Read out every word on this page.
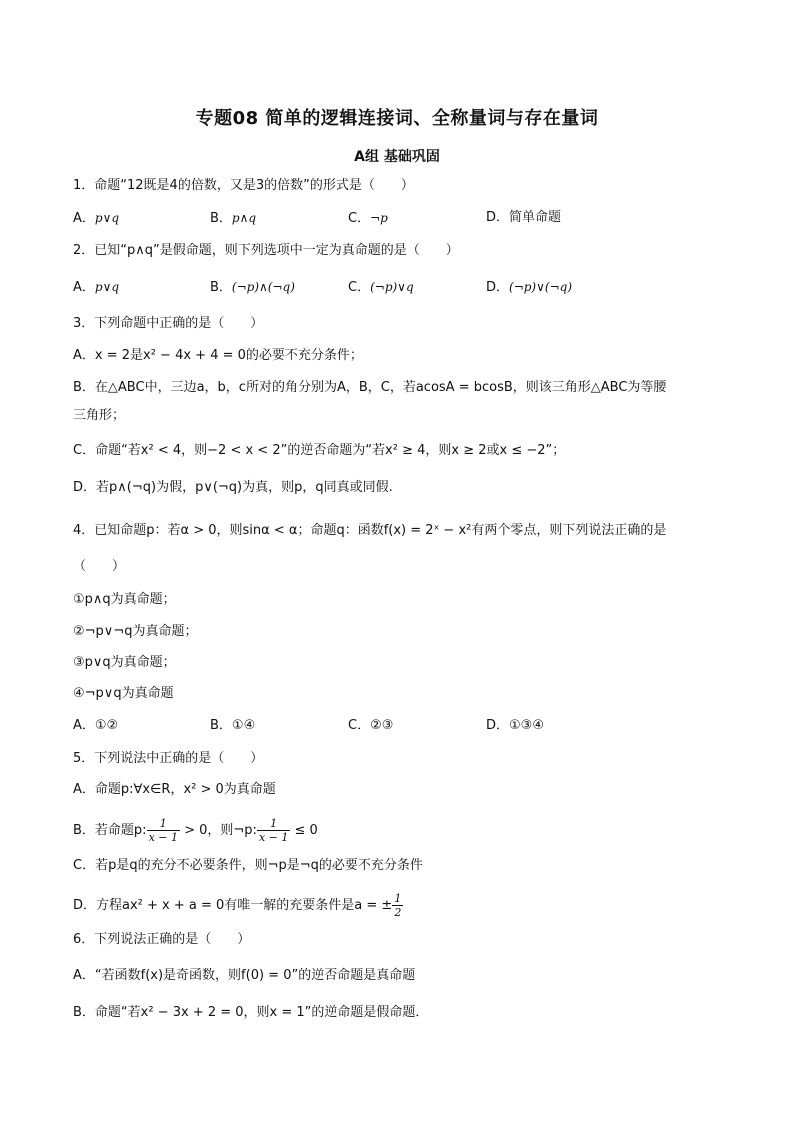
专题08 简单的逻辑连接词、全称量词与存在量词
A组 基础巩固
1．命题“12既是4的倍数，又是3的倍数”的形式是（　　）
A．p∨q	B．p∧q	C．¬p	D．简单命题
2．已知“p∧q”是假命题，则下列选项中一定为真命题的是（　　）
A．p∨q	B．(¬p)∧(¬q)	C．(¬p)∨q	D．(¬p)∨(¬q)
3．下列命题中正确的是（　　）
A．x = 2是x² − 4x + 4 = 0的必要不充分条件；
B．在△ABC中，三边a，b，c所对的角分别为A，B，C，若acosA = bcosB，则该三角形△ABC为等腰
三角形；
C．命题“若x² < 4，则−2 < x < 2”的逆否命题为“若x² ≥ 4，则x ≥ 2或x ≤ −2”；
D．若p∧(¬q)为假，p∨(¬q)为真，则p，q同真或同假.
4．已知命题p：若α > 0，则sinα < α；命题q：函数f(x) = 2ˣ − x²有两个零点，则下列说法正确的是
（　　）
①p∧q为真命题；
②¬p∨¬q为真命题；
③p∨q为真命题；
④¬p∨q为真命题
A．①②	B．①④	C．②③	D．①③④
5．下列说法中正确的是（　　）
A．命题p:∀x∈R，x² > 0为真命题
B．若命题p: $\frac{1}{x - 1} > 0$，则¬p: $\frac{1}{x - 1} \le 0$
C．若p是q的充分不必要条件，则¬p是¬q的必要不充分条件
D．方程ax² + x + a = 0有唯一解的充要条件是a = ± $\frac{1}{2}$
6．下列说法正确的是（　　）
A．“若函数f(x)是奇函数，则f(0) = 0”的逆否命题是真命题
B．命题“若x² − 3x + 2 = 0，则x = 1”的逆命题是假命题．
